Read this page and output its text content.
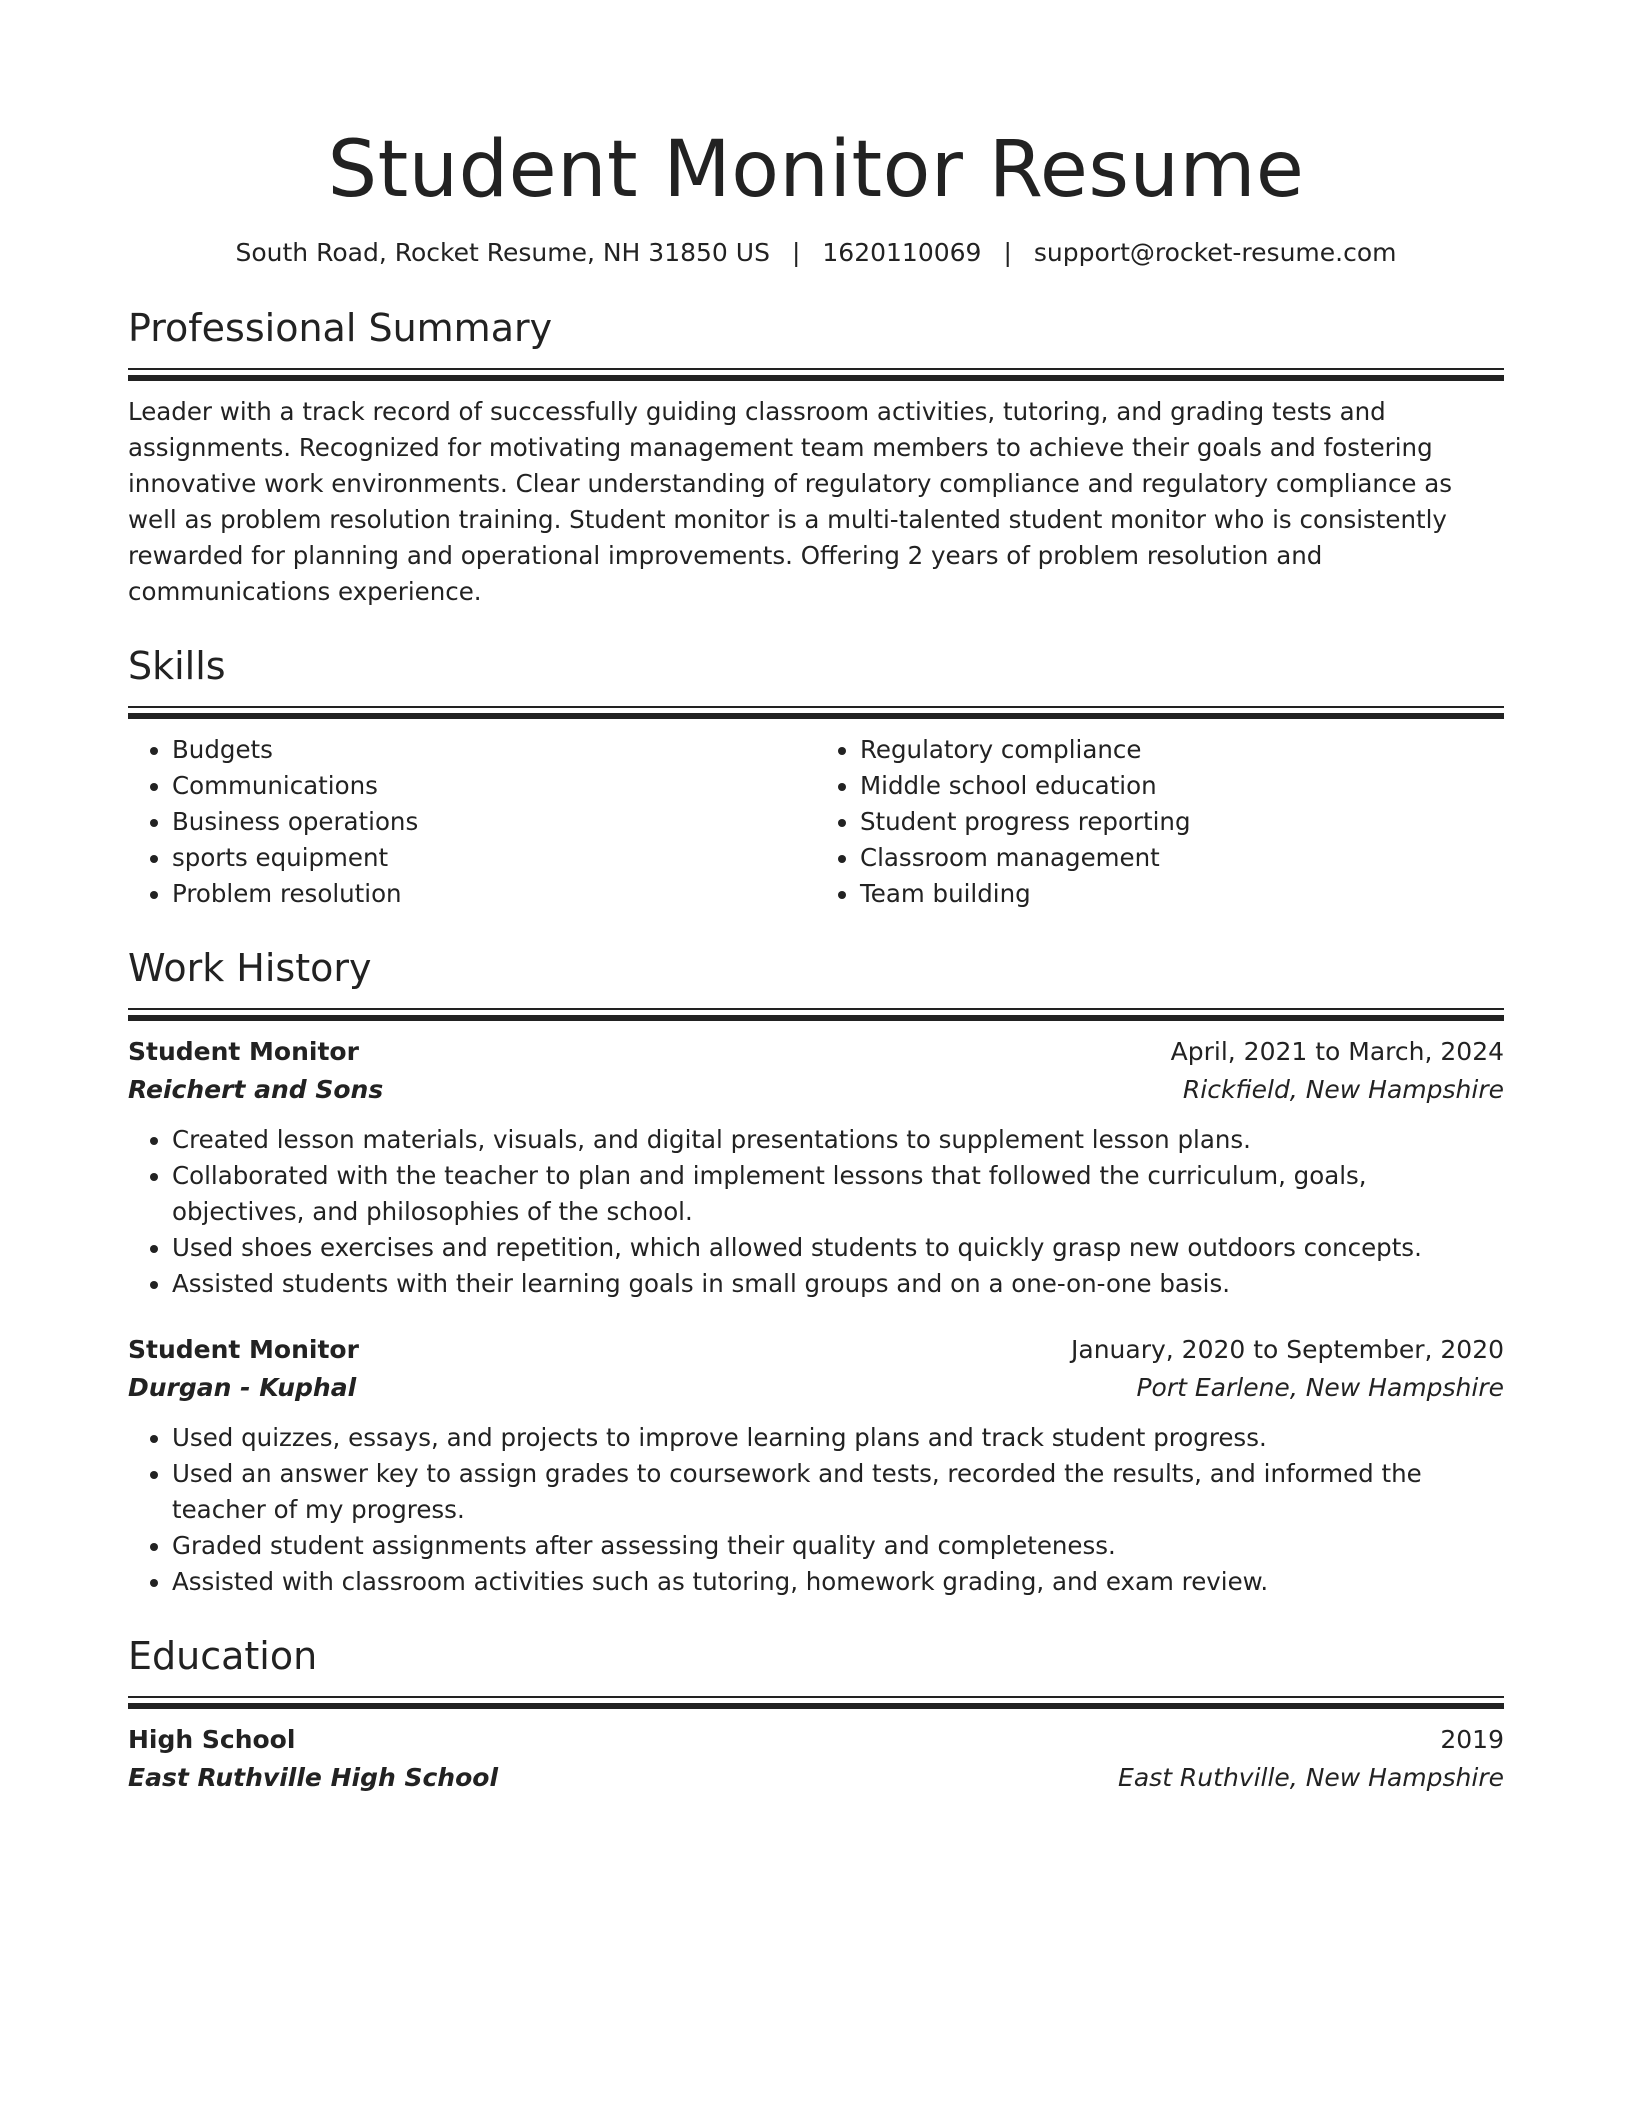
Student Monitor Resume
South Road, Rocket Resume, NH 31850 US | 1620110069 | support@rocket-resume.com
Professional Summary

Leader with a track record of successfully guiding classroom activities, tutoring, and grading tests and assignments. Recognized for motivating management team members to achieve their goals and fostering innovative work environments. Clear understanding of regulatory compliance and regulatory compliance as well as problem resolution training. Student monitor is a multi-talented student monitor who is consistently rewarded for planning and operational improvements. Offering 2 years of problem resolution and communications experience.

Skills
• Budgets
• Communications
• Business operations
• sports equipment
• Problem resolution
• Regulatory compliance
• Middle school education
• Student progress reporting
• Classroom management
• Team building
Work History
Student Monitor	April, 2021 to March, 2024
Reichert and Sons	Rickfield, New Hampshire
• Created lesson materials, visuals, and digital presentations to supplement lesson plans.
• Collaborated with the teacher to plan and implement lessons that followed the curriculum, goals, objectives, and philosophies of the school.
• Used shoes exercises and repetition, which allowed students to quickly grasp new outdoors concepts.
• Assisted students with their learning goals in small groups and on a one-on-one basis.
Student Monitor	January, 2020 to September, 2020
Durgan - Kuphal	Port Earlene, New Hampshire
• Used quizzes, essays, and projects to improve learning plans and track student progress.
• Used an answer key to assign grades to coursework and tests, recorded the results, and informed the teacher of my progress.
• Graded student assignments after assessing their quality and completeness.
• Assisted with classroom activities such as tutoring, homework grading, and exam review.
Education
High School	2019
East Ruthville High School	East Ruthville, New Hampshire
